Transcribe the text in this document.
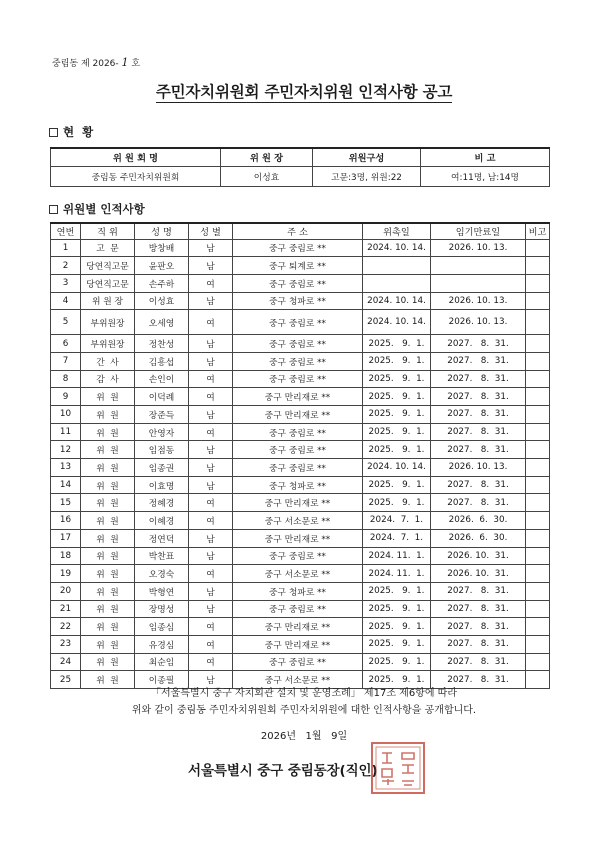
중림동 제 2026- 1 호
주민자치위원회 주민자치위원 인적사항 공고
현  황
위 원 회 명	위 원 장	위원구성	비 고
중림동 주민자치위원회	이성효	고문:3명, 위원:22	여:11명, 남:14명
위원별 인적사항
연번	직 위	성 명	성 별	주 소	위촉일	임기만료일	비고
1	고  문	방창배	남	중구 중림로 **	2024. 10. 14.	2026. 10. 13.	
2	당연직고문	윤판오	남	중구 퇴계로 **			
3	당연직고문	손주하	여	중구 중림로 **			
4	위 원 장	이성효	남	중구 청파로 **	2024. 10. 14.	2026. 10. 13.	
5	부위원장	오세영	여	중구 중림로 **	2024. 10. 14.	2026. 10. 13.	
6	부위원장	정찬성	남	중구 중림로 **	2025.   9.  1.	2027.   8.  31.	
7	간  사	김흥섭	남	중구 중림로 **	2025.   9.  1.	2027.   8.  31.	
8	감  사	손인이	여	중구 중림로 **	2025.   9.  1.	2027.   8.  31.	
9	위  원	이덕례	여	중구 만리재로 **	2025.   9.  1.	2027.   8.  31.	
10	위  원	장준득	남	중구 만리재로 **	2025.   9.  1.	2027.   8.  31.	
11	위  원	안영자	여	중구 중림로 **	2025.   9.  1.	2027.   8.  31.	
12	위  원	임점동	남	중구 중림로 **	2025.   9.  1.	2027.   8.  31.	
13	위  원	임종권	남	중구 중림로 **	2024. 10. 14.	2026. 10. 13.	
14	위  원	이효명	남	중구 청파로 **	2025.   9.  1.	2027.   8.  31.	
15	위  원	정혜경	여	중구 만리재로 **	2025.   9.  1.	2027.   8.  31.	
16	위  원	이혜경	여	중구 서소문로 **	2024.  7.  1.	2026.  6.  30.	
17	위  원	정연덕	남	중구 만리재로 **	2024.  7.  1.	2026.  6.  30.	
18	위  원	박찬표	남	중구 중림로 **	2024. 11.  1.	2026. 10.  31.	
19	위  원	오경숙	여	중구 서소문로 **	2024. 11.  1.	2026. 10.  31.	
20	위  원	박형연	남	중구 청파로 **	2025.   9.  1.	2027.   8.  31.	
21	위  원	장명성	남	중구 중림로 **	2025.   9.  1.	2027.   8.  31.	
22	위  원	임종심	여	중구 만리재로 **	2025.   9.  1.	2027.   8.  31.	
23	위  원	유경심	여	중구 만리재로 **	2025.   9.  1.	2027.   8.  31.	
24	위  원	최순임	여	중구 중림로 **	2025.   9.  1.	2027.   8.  31.	
25	위  원	이종필	남	중구 서소문로 **	2025.   9.  1.	2027.   8.  31.	
「서울특별시 중구 자치회관 설치 및 운영조례」 제17조 제6항에 따라
위와 같이 중림동 주민자치위원회 주민자치위원에 대한 인적사항을 공개합니다.
2026년   1월   9일
서울특별시 중구 중림동장(직인)
